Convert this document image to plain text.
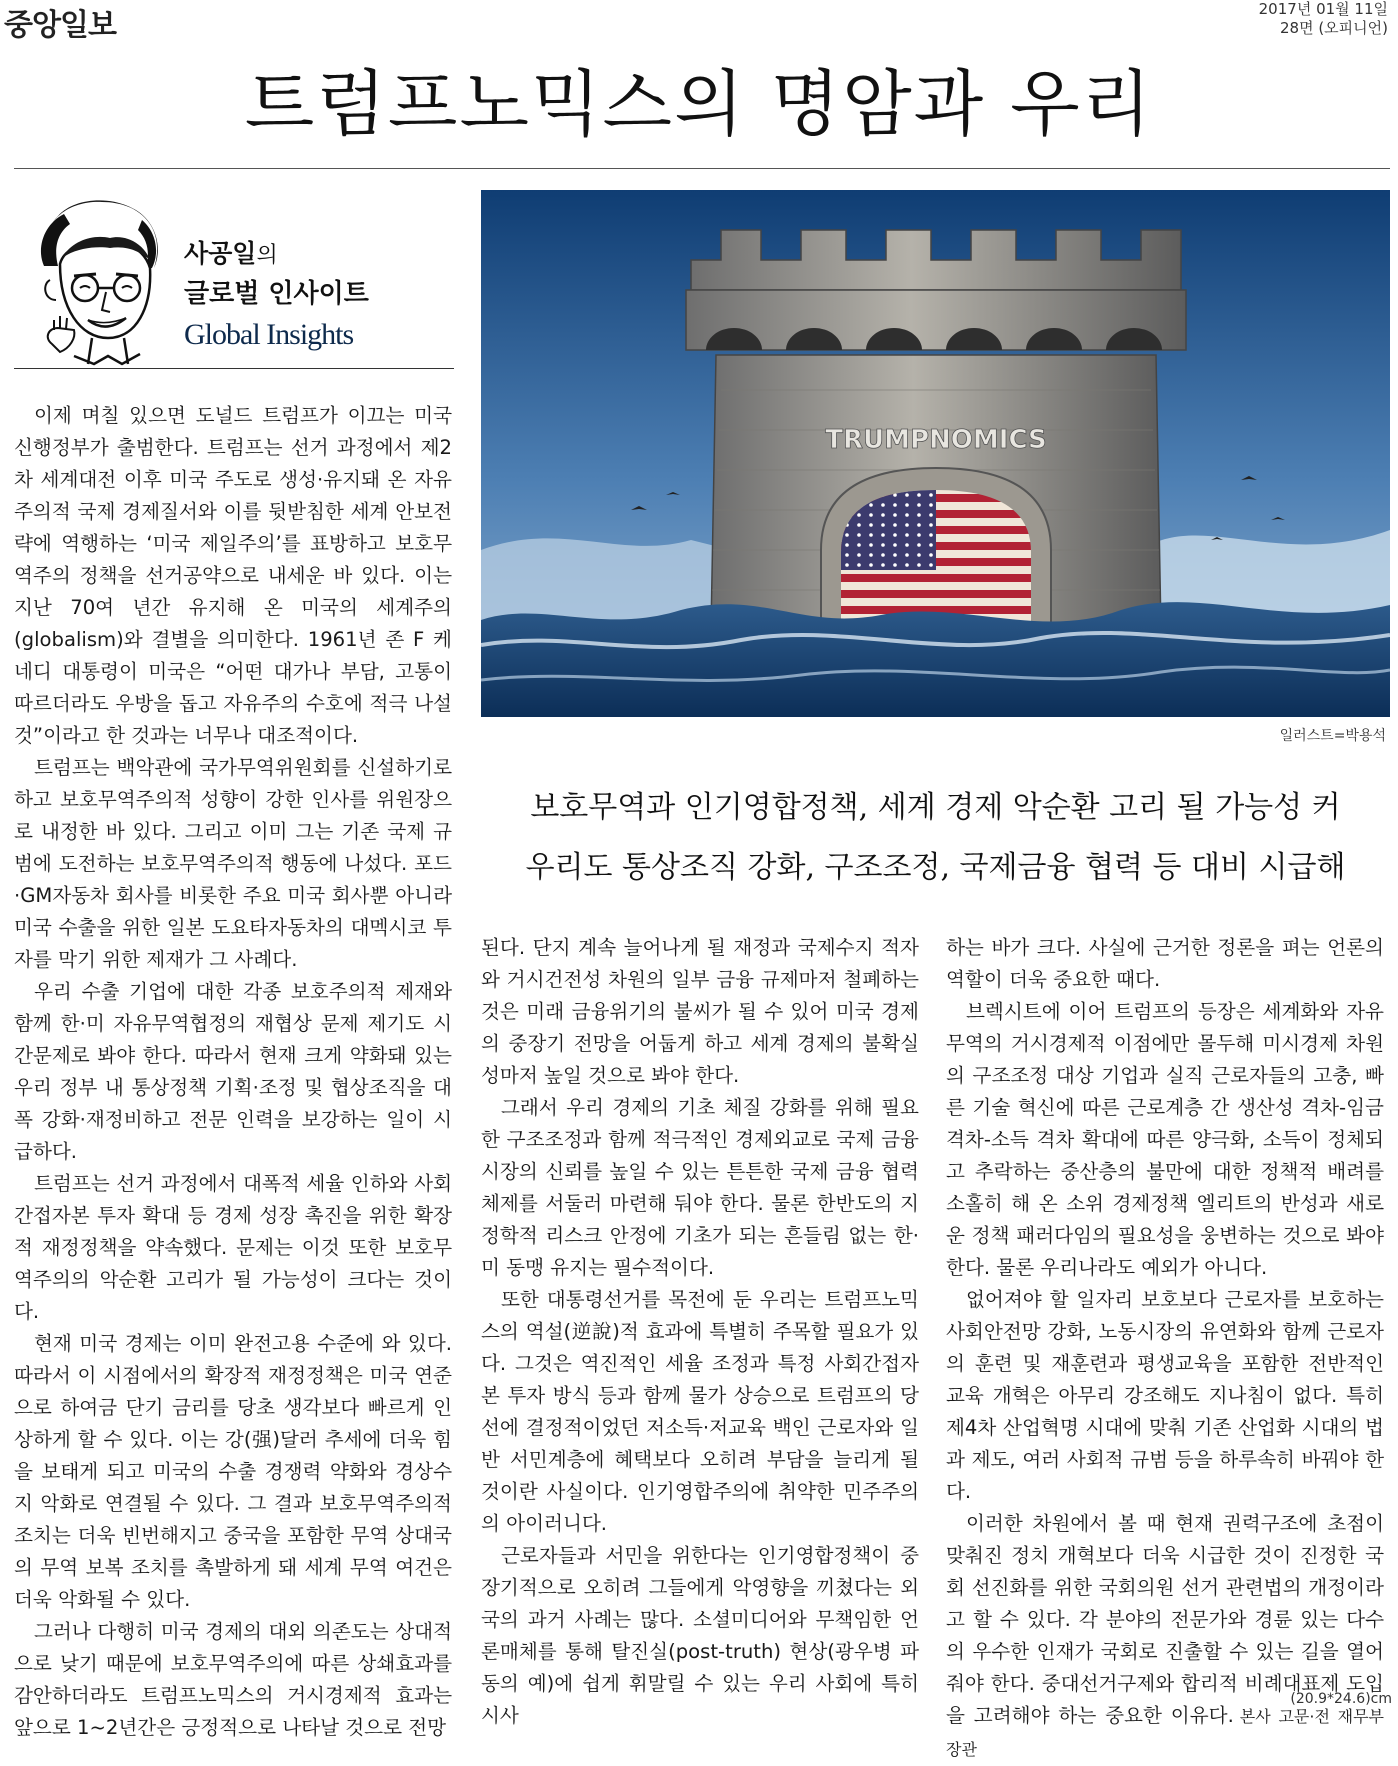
중앙일보	2017년 01월 11일
28면 (오피니언)
트럼프노믹스의 명암과 우리
사공일의
글로벌 인사이트
Global Insights
TRUMPNOMICS
일러스트=박용석
보호무역과 인기영합정책, 세계 경제 악순환 고리 될 가능성 커
우리도 통상조직 강화, 구조조정, 국제금융 협력 등 대비 시급해

이제 며칠 있으면 도널드 트럼프가 이끄는 미국 신행정부가 출범한다. 트럼프는 선거 과정에서 제2차 세계대전 이후 미국 주도로 생성·유지돼 온 자유주의적 국제 경제질서와 이를 뒷받침한 세계 안보전략에 역행하는 ‘미국 제일주의’를 표방하고 보호무역주의 정책을 선거공약으로 내세운 바 있다. 이는 지난 70여 년간 유지해 온 미국의 세계주의(globalism)와 결별을 의미한다. 1961년 존 F 케네디 대통령이 미국은 “어떤 대가나 부담, 고통이 따르더라도 우방을 돕고 자유주의 수호에 적극 나설 것”이라고 한 것과는 너무나 대조적이다.

트럼프는 백악관에 국가무역위원회를 신설하기로 하고 보호무역주의적 성향이 강한 인사를 위원장으로 내정한 바 있다. 그리고 이미 그는 기존 국제 규범에 도전하는 보호무역주의적 행동에 나섰다. 포드·GM자동차 회사를 비롯한 주요 미국 회사뿐 아니라 미국 수출을 위한 일본 도요타자동차의 대멕시코 투자를 막기 위한 제재가 그 사례다.

우리 수출 기업에 대한 각종 보호주의적 제재와 함께 한·미 자유무역협정의 재협상 문제 제기도 시간문제로 봐야 한다. 따라서 현재 크게 약화돼 있는 우리 정부 내 통상정책 기획·조정 및 협상조직을 대폭 강화·재정비하고 전문 인력을 보강하는 일이 시급하다.

트럼프는 선거 과정에서 대폭적 세율 인하와 사회간접자본 투자 확대 등 경제 성장 촉진을 위한 확장적 재정정책을 약속했다. 문제는 이것 또한 보호무역주의의 악순환 고리가 될 가능성이 크다는 것이다.

현재 미국 경제는 이미 완전고용 수준에 와 있다. 따라서 이 시점에서의 확장적 재정정책은 미국 연준으로 하여금 단기 금리를 당초 생각보다 빠르게 인상하게 할 수 있다. 이는 강(强)달러 추세에 더욱 힘을 보태게 되고 미국의 수출 경쟁력 약화와 경상수지 악화로 연결될 수 있다. 그 결과 보호무역주의적 조치는 더욱 빈번해지고 중국을 포함한 무역 상대국의 무역 보복 조치를 촉발하게 돼 세계 무역 여건은 더욱 악화될 수 있다.

그러나 다행히 미국 경제의 대외 의존도는 상대적으로 낮기 때문에 보호무역주의에 따른 상쇄효과를 감안하더라도 트럼프노믹스의 거시경제적 효과는 앞으로 1~2년간은 긍정적으로 나타날 것으로 전망

된다. 단지 계속 늘어나게 될 재정과 국제수지 적자와 거시건전성 차원의 일부 금융 규제마저 철폐하는 것은 미래 금융위기의 불씨가 될 수 있어 미국 경제의 중장기 전망을 어둡게 하고 세계 경제의 불확실성마저 높일 것으로 봐야 한다.

그래서 우리 경제의 기초 체질 강화를 위해 필요한 구조조정과 함께 적극적인 경제외교로 국제 금융시장의 신뢰를 높일 수 있는 튼튼한 국제 금융 협력체제를 서둘러 마련해 둬야 한다. 물론 한반도의 지정학적 리스크 안정에 기초가 되는 흔들림 없는 한·미 동맹 유지는 필수적이다.

또한 대통령선거를 목전에 둔 우리는 트럼프노믹스의 역설(逆說)적 효과에 특별히 주목할 필요가 있다. 그것은 역진적인 세율 조정과 특정 사회간접자본 투자 방식 등과 함께 물가 상승으로 트럼프의 당선에 결정적이었던 저소득·저교육 백인 근로자와 일반 서민계층에 혜택보다 오히려 부담을 늘리게 될 것이란 사실이다. 인기영합주의에 취약한 민주주의의 아이러니다.

근로자들과 서민을 위한다는 인기영합정책이 중장기적으로 오히려 그들에게 악영향을 끼쳤다는 외국의 과거 사례는 많다. 소셜미디어와 무책임한 언론매체를 통해 탈진실(post-truth) 현상(광우병 파동의 예)에 쉽게 휘말릴 수 있는 우리 사회에 특히 시사

하는 바가 크다. 사실에 근거한 정론을 펴는 언론의 역할이 더욱 중요한 때다.

브렉시트에 이어 트럼프의 등장은 세계화와 자유무역의 거시경제적 이점에만 몰두해 미시경제 차원의 구조조정 대상 기업과 실직 근로자들의 고충, 빠른 기술 혁신에 따른 근로계층 간 생산성 격차-임금 격차-소득 격차 확대에 따른 양극화, 소득이 정체되고 추락하는 중산층의 불만에 대한 정책적 배려를 소홀히 해 온 소위 경제정책 엘리트의 반성과 새로운 정책 패러다임의 필요성을 웅변하는 것으로 봐야 한다. 물론 우리나라도 예외가 아니다.

없어져야 할 일자리 보호보다 근로자를 보호하는 사회안전망 강화, 노동시장의 유연화와 함께 근로자의 훈련 및 재훈련과 평생교육을 포함한 전반적인 교육 개혁은 아무리 강조해도 지나침이 없다. 특히 제4차 산업혁명 시대에 맞춰 기존 산업화 시대의 법과 제도, 여러 사회적 규범 등을 하루속히 바꿔야 한다.

이러한 차원에서 볼 때 현재 권력구조에 초점이 맞춰진 정치 개혁보다 더욱 시급한 것이 진정한 국회 선진화를 위한 국회의원 선거 관련법의 개정이라고 할 수 있다. 각 분야의 전문가와 경륜 있는 다수의 우수한 인재가 국회로 진출할 수 있는 길을 열어 줘야 한다. 중대선거구제와 합리적 비례대표제 도입을 고려해야 하는 중요한 이유다. 본사 고문·전 재무부 장관

(20.9*24.6)cm
